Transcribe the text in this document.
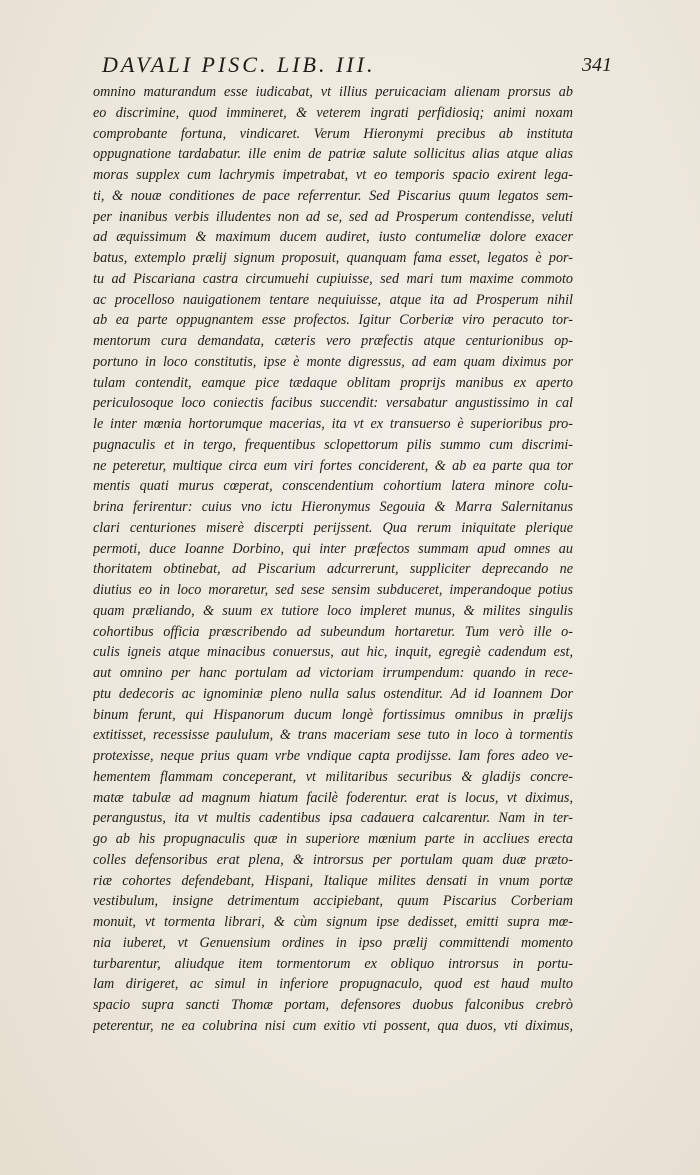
DAVALI PISC. LIB. III.	341
omnino maturandum esse iudicabat, vt illius peruicaciam alienam prorsus ab
eo discrimine, quod immineret, & veterem ingrati perfidiosiq; animi noxam
comprobante fortuna, vindicaret. Verum Hieronymi precibus ab instituta
oppugnatione tardabatur. ille enim de patriæ salute sollicitus alias atque alias
moras supplex cum lachrymis impetrabat, vt eo temporis spacio exirent lega-
ti, & nouæ conditiones de pace referrentur. Sed Piscarius quum legatos sem-
per inanibus verbis illudentes non ad se, sed ad Prosperum contendisse, veluti
ad æquissimum & maximum ducem audiret, iusto contumeliæ dolore exacer
batus, extemplo prælij signum proposuit, quanquam fama esset, legatos è por-
tu ad Piscariana castra circumuehi cupiuisse, sed mari tum maxime commoto
ac procelloso nauigationem tentare nequiuisse, atque ita ad Prosperum nihil
ab ea parte oppugnantem esse profectos. Igitur Corberiæ viro peracuto tor-
mentorum cura demandata, cæteris vero præfectis atque centurionibus op-
portuno in loco constitutis, ipse è monte digressus, ad eam quam diximus por
tulam contendit, eamque pice tædaque oblitam proprijs manibus ex aperto
periculosoque loco coniectis facibus succendit: versabatur angustissimo in cal
le inter mœnia hortorumque macerias, ita vt ex transuerso è superioribus pro-
pugnaculis et in tergo, frequentibus sclopettorum pilis summo cum discrimi-
ne peteretur, multique circa eum viri fortes conciderent, & ab ea parte qua tor
mentis quati murus cœperat, conscendentium cohortium latera minore colu-
brina ferirentur: cuius vno ictu Hieronymus Segouia & Marra Salernitanus
clari centuriones miserè discerpti perijssent. Qua rerum iniquitate plerique
permoti, duce Ioanne Dorbino, qui inter præfectos summam apud omnes au
thoritatem obtinebat, ad Piscarium adcurrerunt, suppliciter deprecando ne
diutius eo in loco moraretur, sed sese sensim subduceret, imperandoque potius
quam præliando, & suum ex tutiore loco impleret munus, & milites singulis
cohortibus officia præscribendo ad subeundum hortaretur. Tum verò ille o-
culis igneis atque minacibus conuersus, aut hic, inquit, egregiè cadendum est,
aut omnino per hanc portulam ad victoriam irrumpendum: quando in rece-
ptu dedecoris ac ignominiæ pleno nulla salus ostenditur. Ad id Ioannem Dor
binum ferunt, qui Hispanorum ducum longè fortissimus omnibus in prælijs
extitisset, recessisse paululum, & trans maceriam sese tuto in loco à tormentis
protexisse, neque prius quam vrbe vndique capta prodijsse. Iam fores adeo ve-
hementem flammam conceperant, vt militaribus securibus & gladijs concre-
matæ tabulæ ad magnum hiatum facilè foderentur. erat is locus, vt diximus,
perangustus, ita vt multis cadentibus ipsa cadauera calcarentur. Nam in ter-
go ab his propugnaculis quæ in superiore mœnium parte in accliues erecta
colles defensoribus erat plena, & introrsus per portulam quam duæ præto-
riæ cohortes defendebant, Hispani, Italique milites densati in vnum portæ
vestibulum, insigne detrimentum accipiebant, quum Piscarius Corberiam
monuit, vt tormenta librari, & cùm signum ipse dedisset, emitti supra mœ-
nia iuberet, vt Genuensium ordines in ipso prælij committendi momento
turbarentur, aliudque item tormentorum ex obliquo introrsus in portu-
lam dirigeret, ac simul in inferiore propugnaculo, quod est haud multo
spacio supra sancti Thomæ portam, defensores duobus falconibus crebrò
peterentur, ne ea colubrina nisi cum exitio vti possent, qua duos, vti diximus,
